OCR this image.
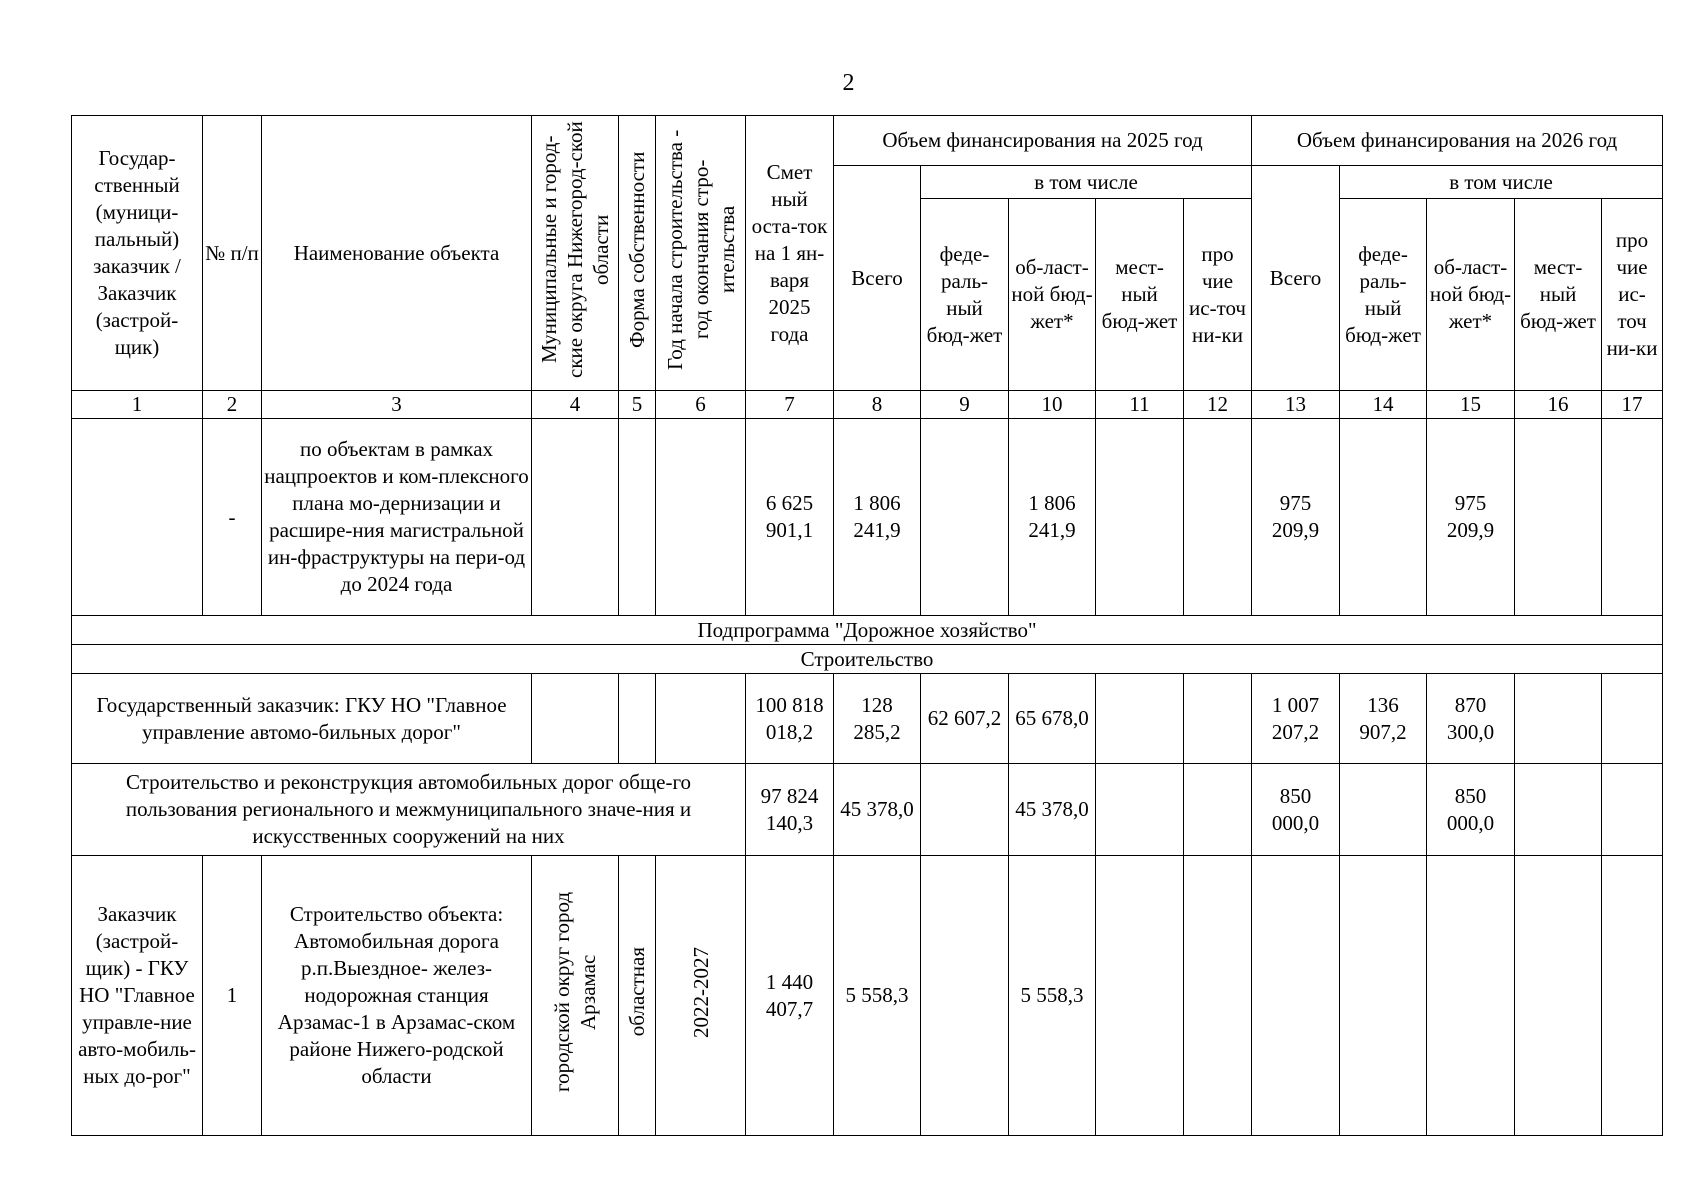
2
Государ-ственный (муници-пальный) заказчик / Заказчик (застрой-щик)	№ п/п	Наименование объекта	Муниципальные и город-ские округа Нижегород-ской области	Форма собственности	Год начала строительства - год окончания стро-ительства	Смет ный оста-ток на 1 ян-варя 2025 года	Объем финансирования на 2025 год					Объем финансирования на 2026 год				
							Всего	в том числе				Всего	в том числе			
								феде-раль-ный бюд-жет	об-ласт-ной бюд-жет*	мест-ный бюд-жет	про чие ис-точ ни-ки		феде-раль-ный бюд-жет	об-ласт-ной бюд-жет*	мест-ный бюд-жет	про чие ис-точ ни-ки
1	2	3	4	5	6	7	8	9	10	11	12	13	14	15	16	17
	-	по объектам в рамках нацпроектов и ком-плексного плана мо-дернизации и расшире-ния магистральной ин-фраструктуры на пери-од до 2024 года				6 625 901,1	1 806 241,9		1 806 241,9			975 209,9		975 209,9		
Подпрограмма "Дорожное хозяйство"																
Строительство																
Государственный заказчик: ГКУ НО "Главное управление автомо-бильных дорог"						100 818 018,2	128 285,2	62 607,2	65 678,0			1 007 207,2	136 907,2	870 300,0		
Строительство и реконструкция автомобильных дорог обще-го пользования регионального и межмуниципального значе-ния и искусственных сооружений на них						97 824 140,3	45 378,0		45 378,0			850 000,0		850 000,0		
Заказчик (застрой-щик) - ГКУ НО "Главное управле-ние авто-мобиль-ных до-рог"	1	Строительство объекта: Автомобильная дорога р.п.Выездное- желез-нодорожная станция Арзамас-1 в Арзамас-ском районе Нижего-родской области	городской округ город Арзамас	областная	2022-2027	1 440 407,7	5 558,3		5 558,3							
